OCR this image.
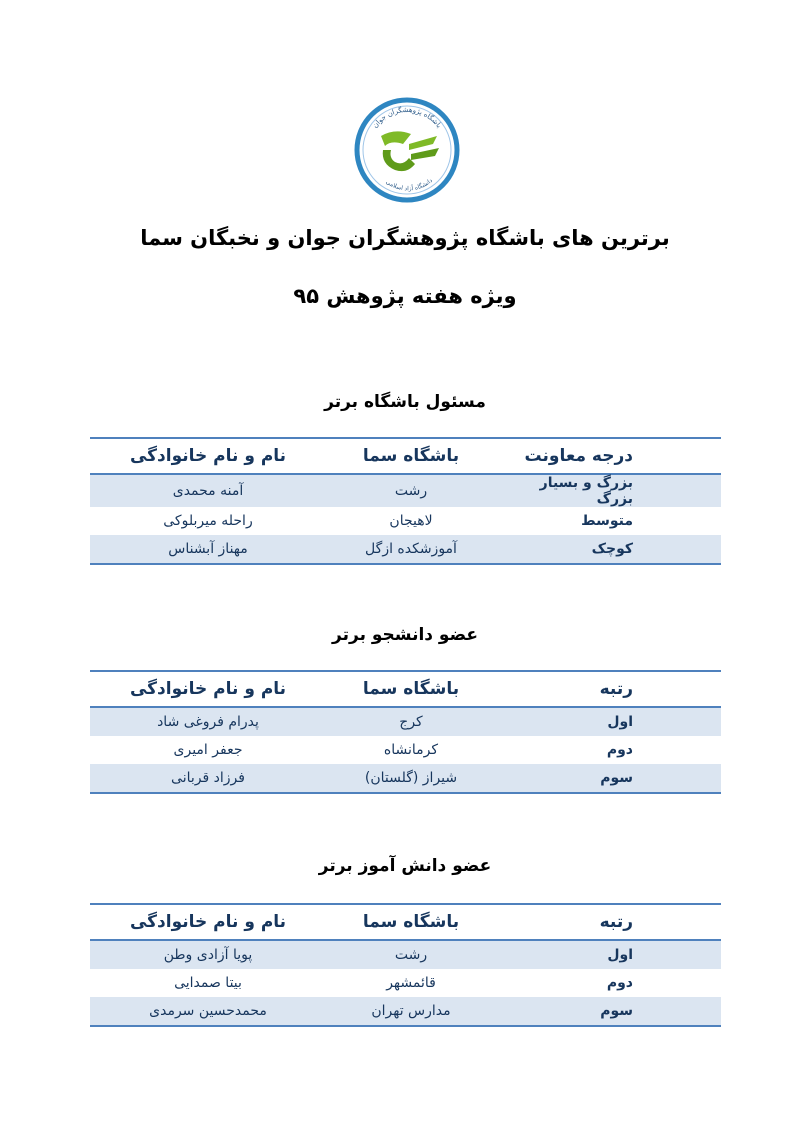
باشگاه پژوهشگران جوان
دانشگاه آزاد اسلامی
برترین های باشگاه پژوهشگران جوان و نخبگان سما
ویژه هفته پژوهش ۹۵
مسئول باشگاه برتر
درجه معاونت	باشگاه سما	نام و نام خانوادگی
بزرگ و بسیار بزرگ	رشت	آمنه محمدی
متوسط	لاهیجان	راحله میربلوکی
کوچک	آموزشکده ازگل	مهناز آبشناس
عضو دانشجو برتر
رتبه	باشگاه سما	نام و نام خانوادگی
اول	کرج	پدرام فروغی شاد
دوم	کرمانشاه	جعفر امیری
سوم	شیراز (گلستان)	فرزاد قربانی
عضو دانش آموز برتر
رتبه	باشگاه سما	نام و نام خانوادگی
اول	رشت	پویا آزادی وطن
دوم	قائمشهر	بیتا صمدایی
سوم	مدارس تهران	محمدحسین سرمدی
